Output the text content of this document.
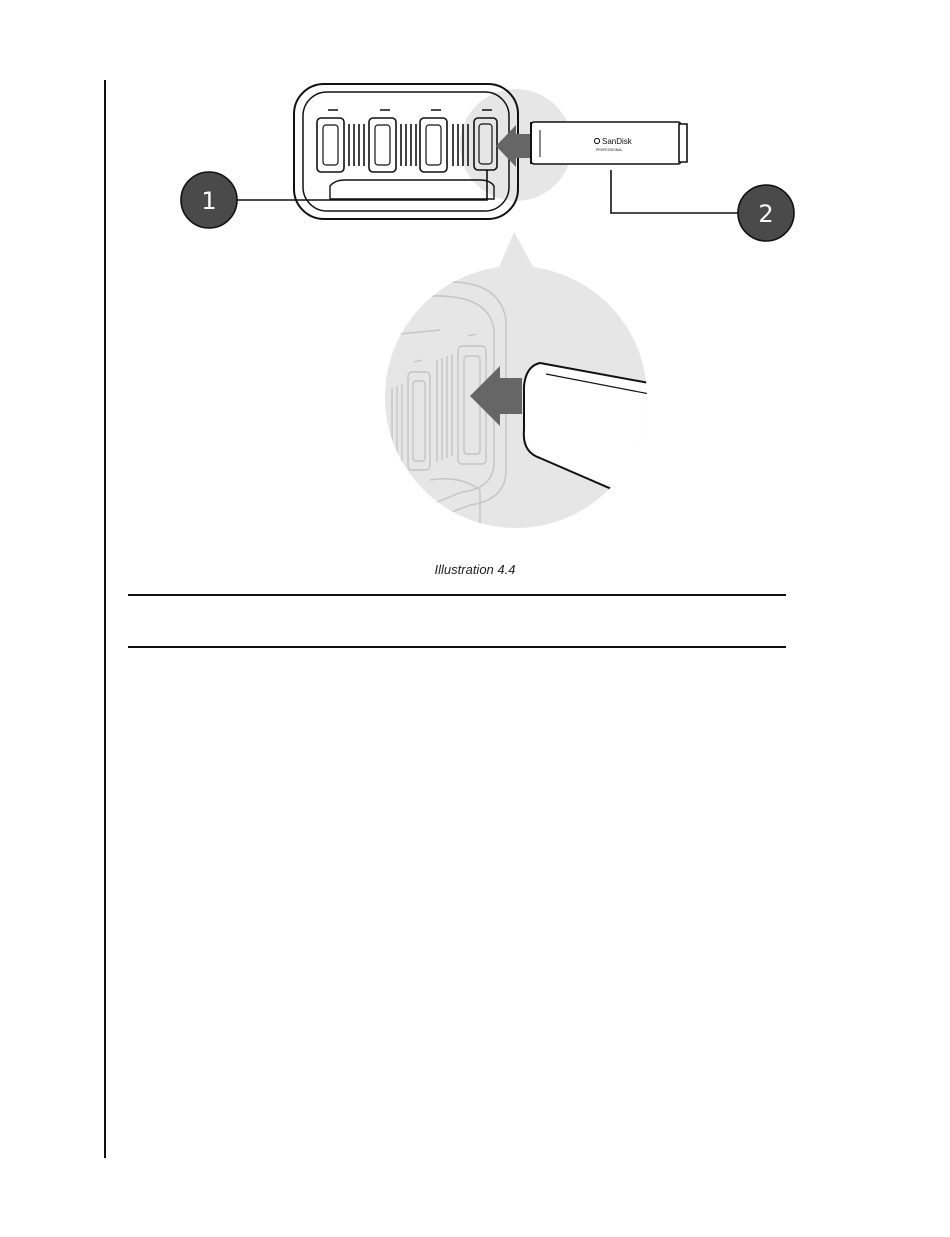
SanDisk
PROFESSIONAL
1	2
Illustration 4.4
